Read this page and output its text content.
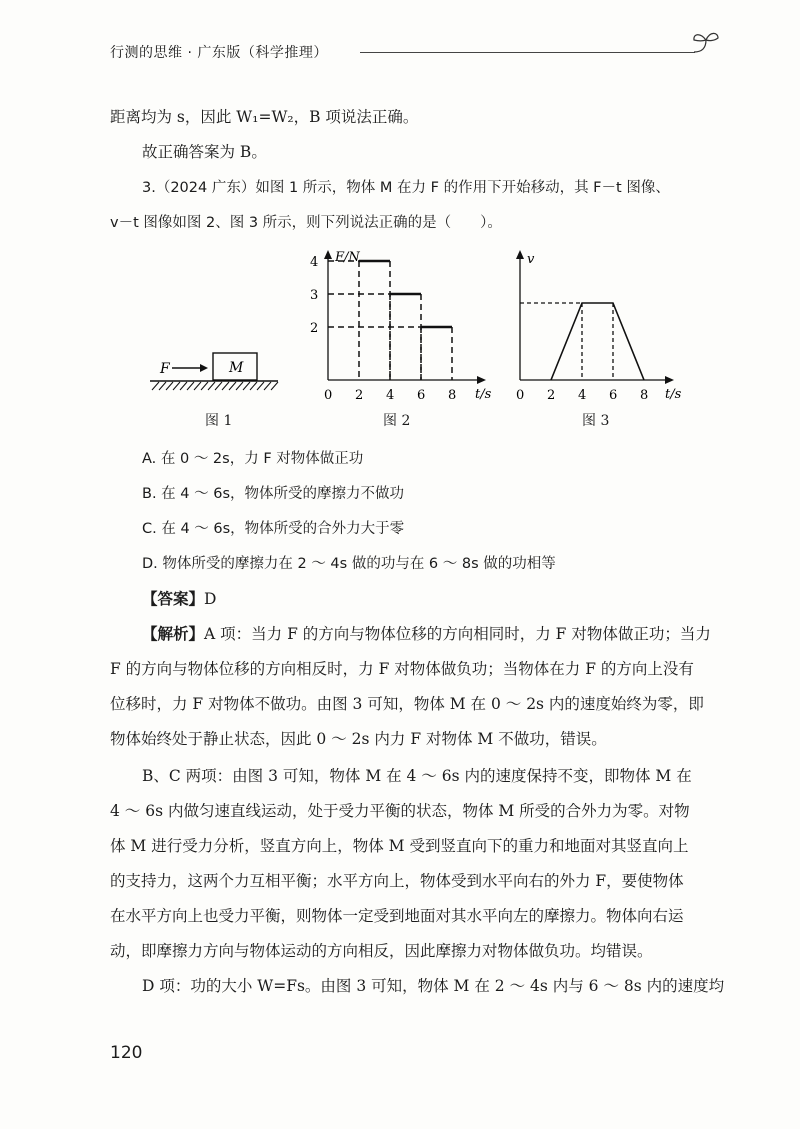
行测的思维 · 广东版（科学推理）
距离均为 s，因此 W₁=W₂，B 项说法正确。
故正确答案为 B。
3.（2024 广东）如图 1 所示，物体 M 在力 F 的作用下开始移动，其 F－t 图像、
v－t 图像如图 2、图 3 所示，则下列说法正确的是（　　）。
F	M
图 1
F/N
t/s
0 2 4 6 8
2
3
4
图 2
v
t/s
0 2 4 6 8
图 3
A. 在 0 ～ 2s，力 F 对物体做正功
B. 在 4 ～ 6s，物体所受的摩擦力不做功
C. 在 4 ～ 6s，物体所受的合外力大于零
D. 物体所受的摩擦力在 2 ～ 4s 做的功与在 6 ～ 8s 做的功相等
【答案】D
【解析】A 项：当力 F 的方向与物体位移的方向相同时，力 F 对物体做正功；当力
F 的方向与物体位移的方向相反时，力 F 对物体做负功；当物体在力 F 的方向上没有
位移时，力 F 对物体不做功。由图 3 可知，物体 M 在 0 ～ 2s 内的速度始终为零，即
物体始终处于静止状态，因此 0 ～ 2s 内力 F 对物体 M 不做功，错误。
B、C 两项：由图 3 可知，物体 M 在 4 ～ 6s 内的速度保持不变，即物体 M 在
4 ～ 6s 内做匀速直线运动，处于受力平衡的状态，物体 M 所受的合外力为零。对物
体 M 进行受力分析，竖直方向上，物体 M 受到竖直向下的重力和地面对其竖直向上
的支持力，这两个力互相平衡；水平方向上，物体受到水平向右的外力 F，要使物体
在水平方向上也受力平衡，则物体一定受到地面对其水平向左的摩擦力。物体向右运
动，即摩擦力方向与物体运动的方向相反，因此摩擦力对物体做负功。均错误。
D 项：功的大小 W=Fs。由图 3 可知，物体 M 在 2 ～ 4s 内与 6 ～ 8s 内的速度均
120
